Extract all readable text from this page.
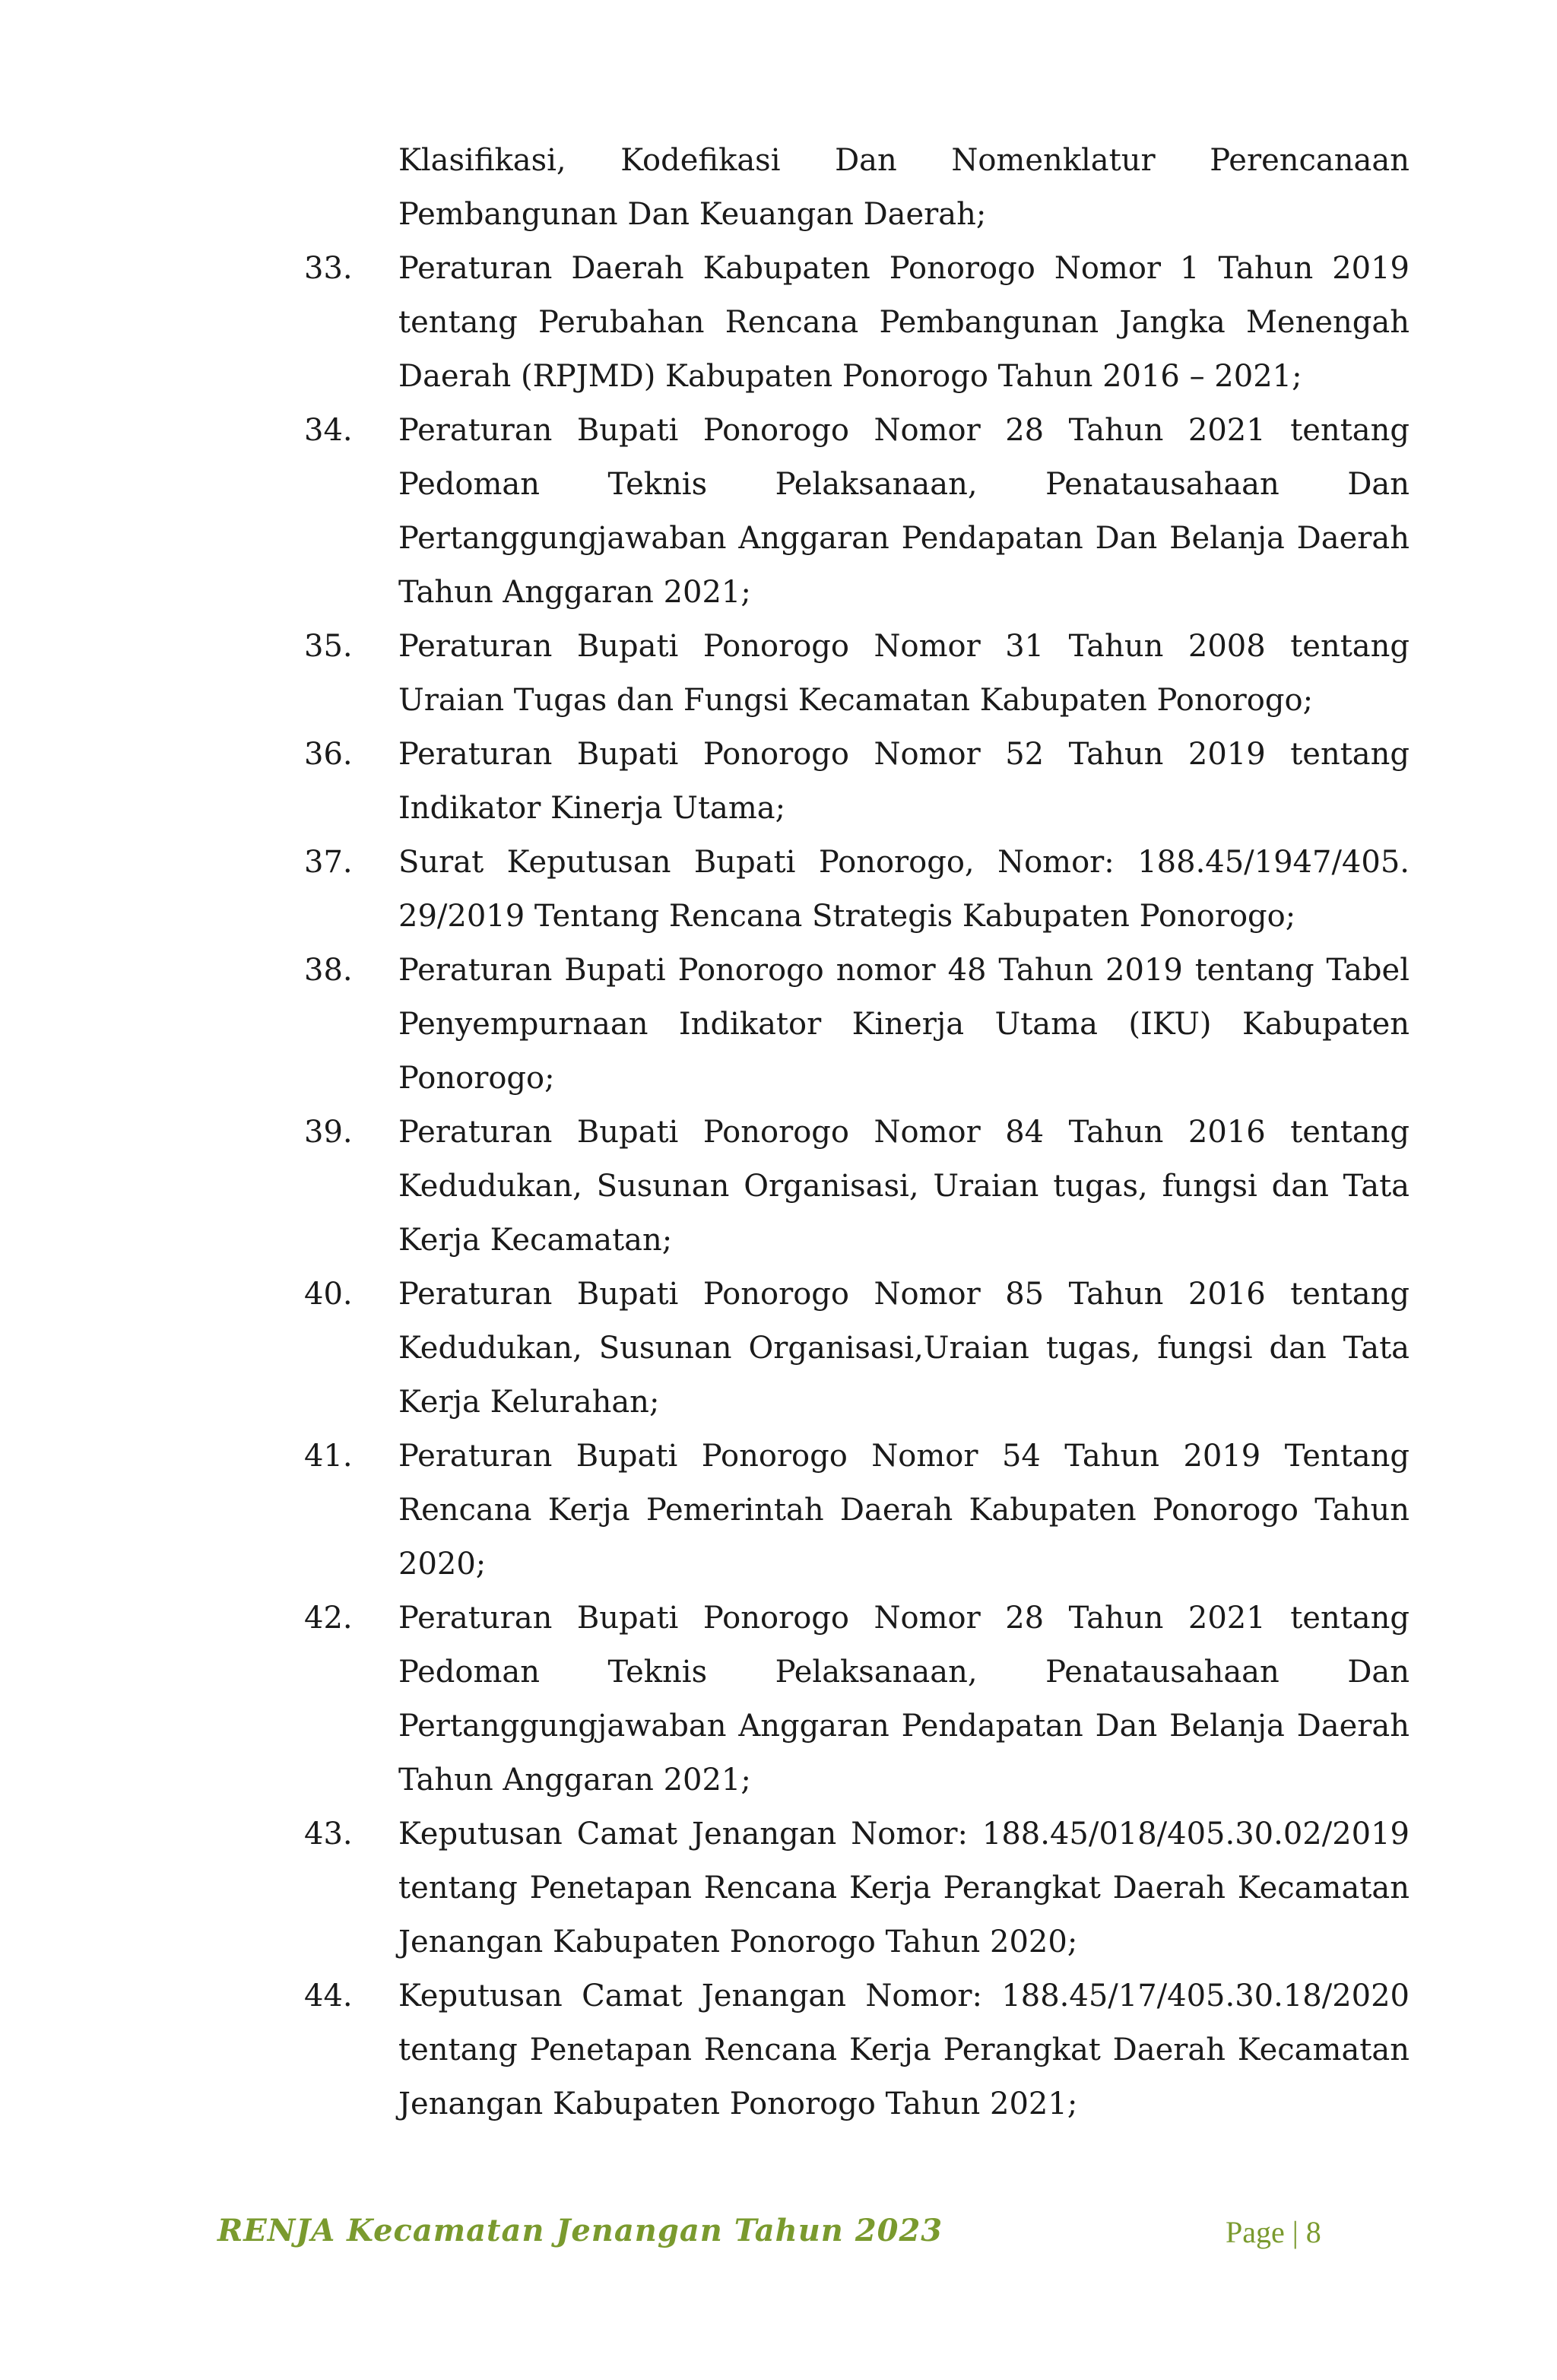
Klasifikasi, Kodefikasi Dan Nomenklatur Perencanaan Pembangunan Dan Keuangan Daerah;
33. Peraturan Daerah Kabupaten Ponorogo Nomor 1 Tahun 2019 tentang Perubahan Rencana Pembangunan Jangka Menengah Daerah (RPJMD) Kabupaten Ponorogo Tahun 2016 – 2021;
34. Peraturan Bupati Ponorogo Nomor 28 Tahun 2021 tentang Pedoman Teknis Pelaksanaan, Penatausahaan Dan Pertanggungjawaban Anggaran Pendapatan Dan Belanja Daerah Tahun Anggaran 2021;
35. Peraturan Bupati Ponorogo Nomor 31 Tahun 2008 tentang Uraian Tugas dan Fungsi Kecamatan Kabupaten Ponorogo;
36. Peraturan Bupati Ponorogo Nomor 52 Tahun 2019 tentang Indikator Kinerja Utama;
37. Surat Keputusan Bupati Ponorogo, Nomor: 188.45/1947/405. 29/2019 Tentang Rencana Strategis Kabupaten Ponorogo;
38. Peraturan Bupati Ponorogo nomor 48 Tahun 2019 tentang Tabel Penyempurnaan Indikator Kinerja Utama (IKU) Kabupaten Ponorogo;
39. Peraturan Bupati Ponorogo Nomor 84 Tahun 2016 tentang Kedudukan, Susunan Organisasi, Uraian tugas, fungsi dan Tata Kerja Kecamatan;
40. Peraturan Bupati Ponorogo Nomor 85 Tahun 2016 tentang Kedudukan, Susunan Organisasi,Uraian tugas, fungsi dan Tata Kerja Kelurahan;
41. Peraturan Bupati Ponorogo Nomor 54 Tahun 2019 Tentang Rencana Kerja Pemerintah Daerah Kabupaten Ponorogo Tahun 2020;
42. Peraturan Bupati Ponorogo Nomor 28 Tahun 2021 tentang Pedoman Teknis Pelaksanaan, Penatausahaan Dan Pertanggungjawaban Anggaran Pendapatan Dan Belanja Daerah Tahun Anggaran 2021;
43. Keputusan Camat Jenangan Nomor: 188.45/018/405.30.02/2019 tentang Penetapan Rencana Kerja Perangkat Daerah Kecamatan Jenangan Kabupaten Ponorogo Tahun 2020;
44. Keputusan Camat Jenangan Nomor: 188.45/17/405.30.18/2020 tentang Penetapan Rencana Kerja Perangkat Daerah Kecamatan Jenangan Kabupaten Ponorogo Tahun 2021;
RENJA Kecamatan Jenangan Tahun 2023	Page | 8
